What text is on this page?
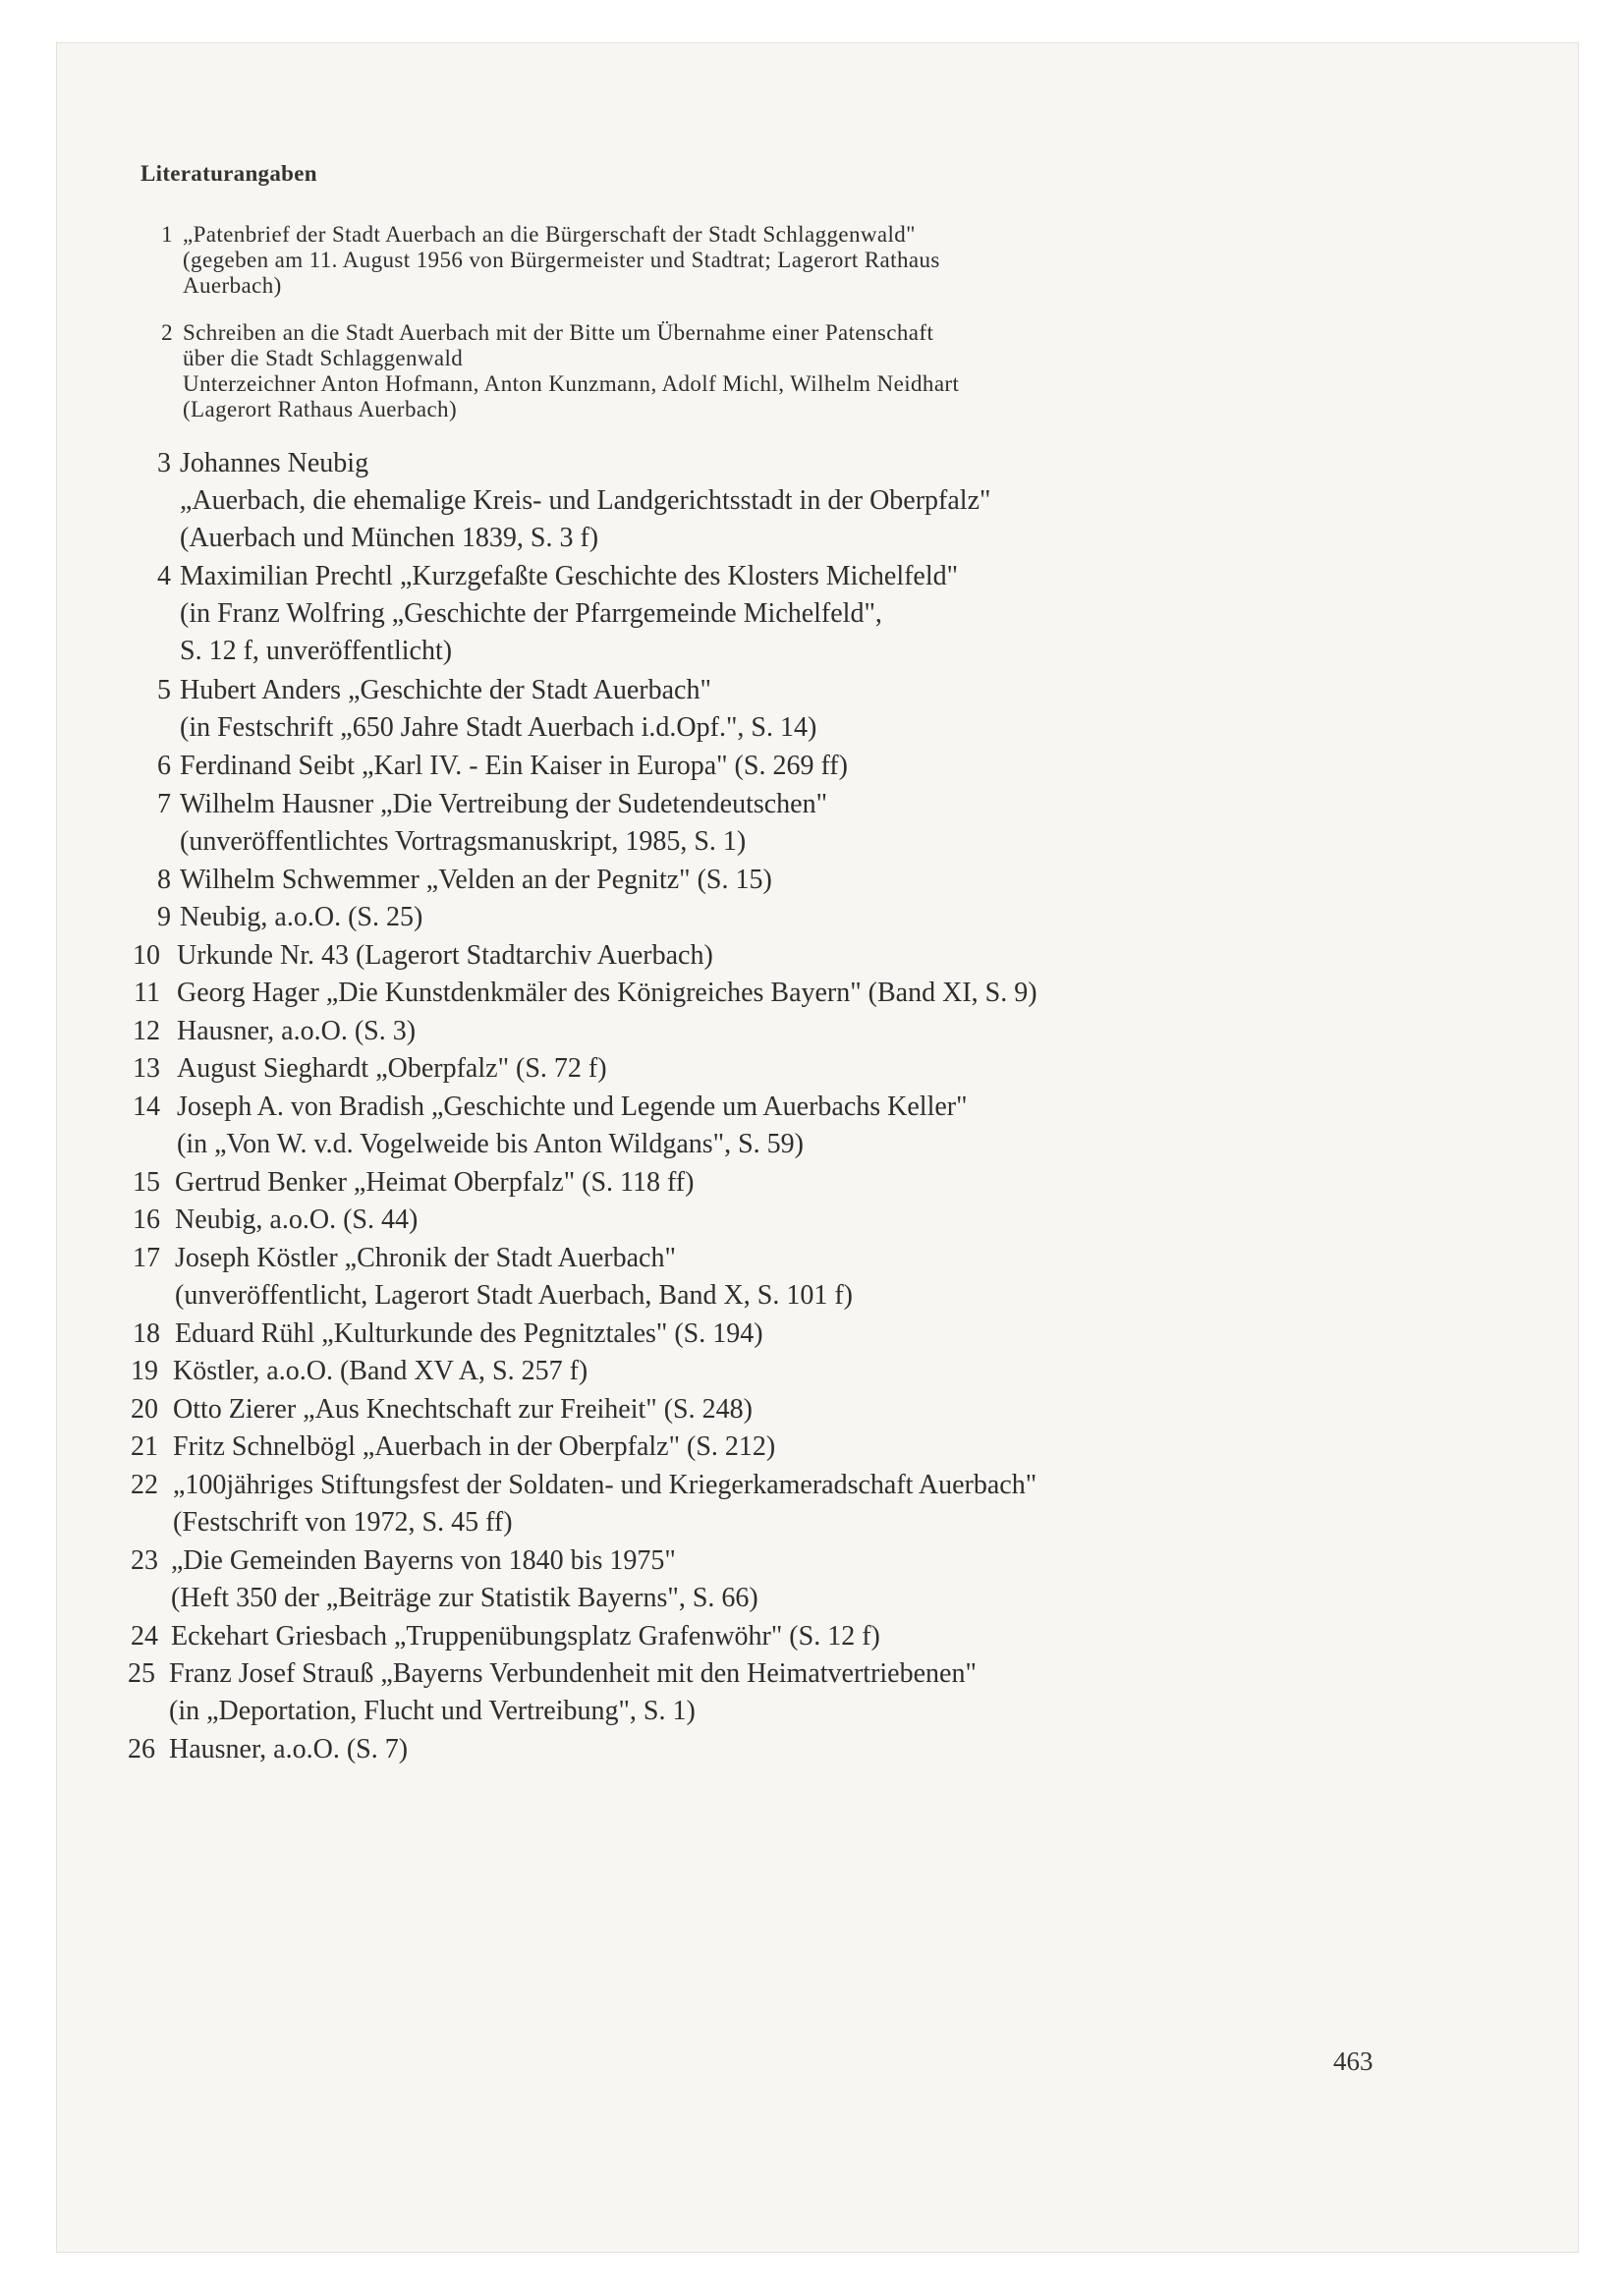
Literaturangaben
1 „Patenbrief der Stadt Auerbach an die Bürgerschaft der Stadt Schlaggenwald"
(gegeben am 11. August 1956 von Bürgermeister und Stadtrat; Lagerort Rathaus
Auerbach)
2 Schreiben an die Stadt Auerbach mit der Bitte um Übernahme einer Patenschaft
über die Stadt Schlaggenwald
Unterzeichner Anton Hofmann, Anton Kunzmann, Adolf Michl, Wilhelm Neidhart
(Lagerort Rathaus Auerbach)
3 Johannes Neubig
„Auerbach, die ehemalige Kreis- und Landgerichtsstadt in der Oberpfalz"
(Auerbach und München 1839, S. 3 f)
4 Maximilian Prechtl „Kurzgefaßte Geschichte des Klosters Michelfeld"
(in Franz Wolfring „Geschichte der Pfarrgemeinde Michelfeld",
S. 12 f, unveröffentlicht)
5 Hubert Anders „Geschichte der Stadt Auerbach"
(in Festschrift „650 Jahre Stadt Auerbach i.d.Opf.", S. 14)
6 Ferdinand Seibt „Karl IV. - Ein Kaiser in Europa" (S. 269 ff)
7 Wilhelm Hausner „Die Vertreibung der Sudetendeutschen"
(unveröffentlichtes Vortragsmanuskript, 1985, S. 1)
8 Wilhelm Schwemmer „Velden an der Pegnitz" (S. 15)
9 Neubig, a.o.O. (S. 25)
10 Urkunde Nr. 43 (Lagerort Stadtarchiv Auerbach)
11 Georg Hager „Die Kunstdenkmäler des Königreiches Bayern" (Band XI, S. 9)
12 Hausner, a.o.O. (S. 3)
13 August Sieghardt „Oberpfalz" (S. 72 f)
14 Joseph A. von Bradish „Geschichte und Legende um Auerbachs Keller"
(in „Von W. v.d. Vogelweide bis Anton Wildgans", S. 59)
15 Gertrud Benker „Heimat Oberpfalz" (S. 118 ff)
16 Neubig, a.o.O. (S. 44)
17 Joseph Köstler „Chronik der Stadt Auerbach"
(unveröffentlicht, Lagerort Stadt Auerbach, Band X, S. 101 f)
18 Eduard Rühl „Kulturkunde des Pegnitztales" (S. 194)
19 Köstler, a.o.O. (Band XV A, S. 257 f)
20 Otto Zierer „Aus Knechtschaft zur Freiheit" (S. 248)
21 Fritz Schnelbögl „Auerbach in der Oberpfalz" (S. 212)
22 „100jähriges Stiftungsfest der Soldaten- und Kriegerkameradschaft Auerbach"
(Festschrift von 1972, S. 45 ff)
23 „Die Gemeinden Bayerns von 1840 bis 1975"
(Heft 350 der „Beiträge zur Statistik Bayerns", S. 66)
24 Eckehart Griesbach „Truppenübungsplatz Grafenwöhr" (S. 12 f)
25 Franz Josef Strauß „Bayerns Verbundenheit mit den Heimatvertriebenen"
(in „Deportation, Flucht und Vertreibung", S. 1)
26 Hausner, a.o.O. (S. 7)
463
